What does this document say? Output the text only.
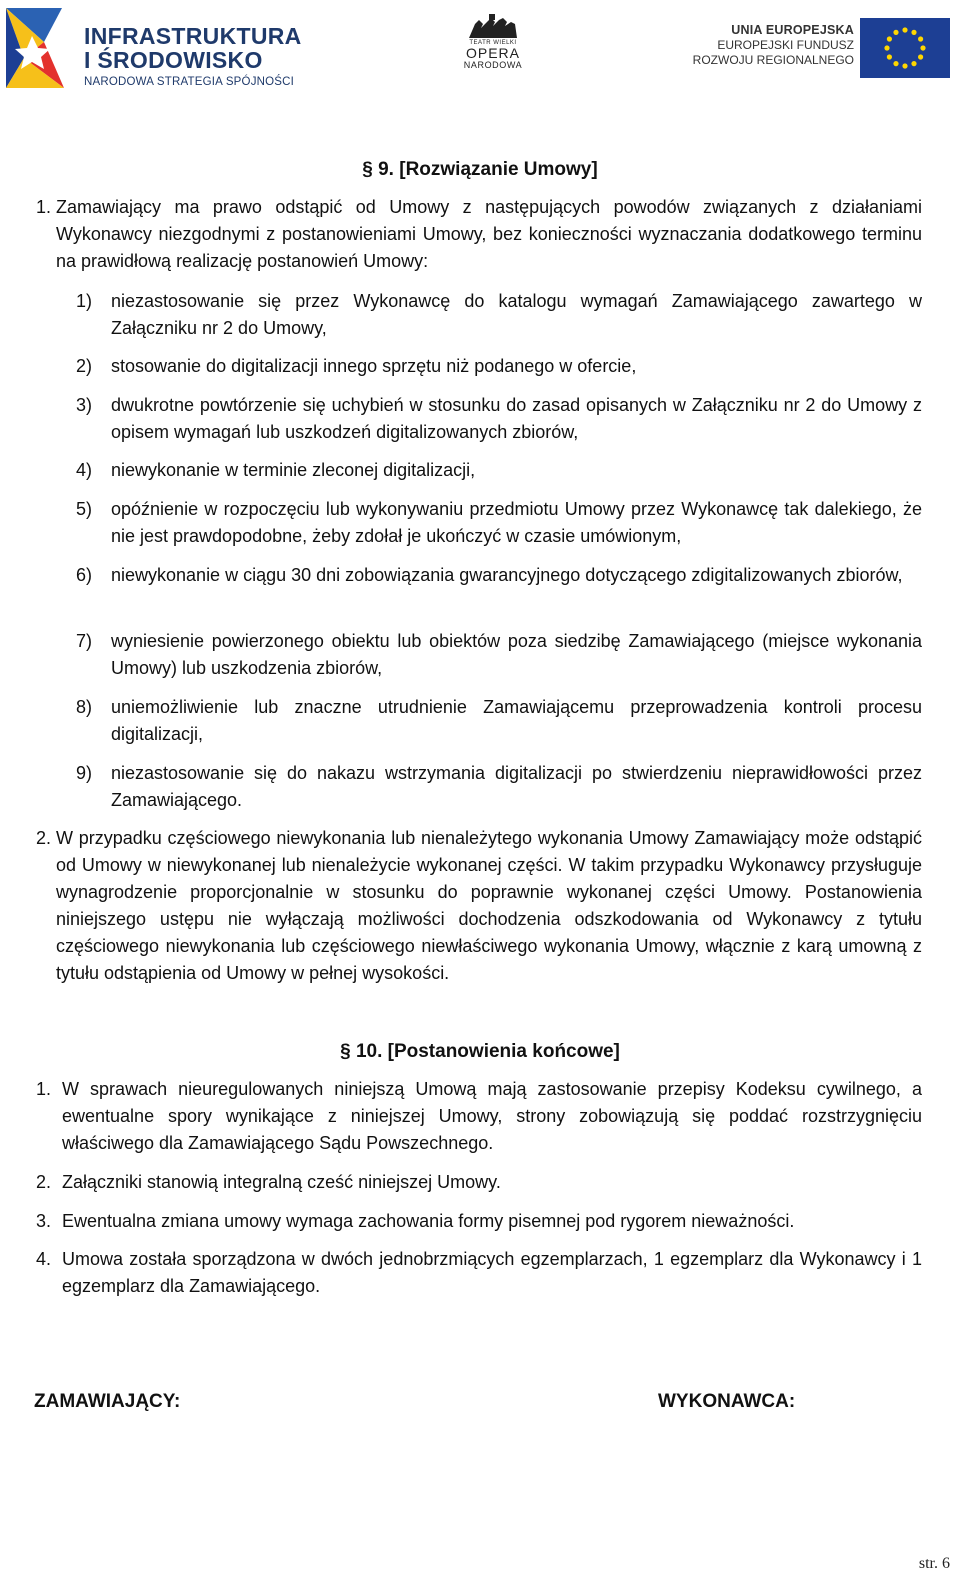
INFRASTRUKTURA
I ŚRODOWISKO
NARODOWA STRATEGIA SPÓJNOŚCI
TEATR WIELKI
OPERA
NARODOWA
UNIA EUROPEJSKA
EUROPEJSKI FUNDUSZ
ROZWOJU REGIONALNEGO
§ 9. [Rozwiązanie Umowy]
1. Zamawiający ma prawo odstąpić od Umowy z następujących powodów związanych z działaniami Wykonawcy niezgodnymi z postanowieniami Umowy, bez konieczności wyznaczania dodatkowego terminu na prawidłową realizację postanowień Umowy:
1) niezastosowanie się przez Wykonawcę do katalogu wymagań Zamawiającego zawartego w Załączniku nr 2 do Umowy,
2) stosowanie do digitalizacji innego sprzętu niż podanego w ofercie,
3) dwukrotne powtórzenie się uchybień w stosunku do zasad opisanych w Załączniku nr 2 do Umowy z opisem wymagań lub uszkodzeń digitalizowanych zbiorów,
4) niewykonanie w terminie zleconej digitalizacji,
5) opóźnienie w rozpoczęciu lub wykonywaniu przedmiotu Umowy przez Wykonawcę tak dalekiego, że nie jest prawdopodobne, żeby zdołał je ukończyć w czasie umówionym,
6) niewykonanie w ciągu 30 dni zobowiązania gwarancyjnego dotyczącego zdigitalizowanych zbiorów,
7) wyniesienie powierzonego obiektu lub obiektów poza siedzibę Zamawiającego (miejsce wykonania Umowy) lub uszkodzenia zbiorów,
8) uniemożliwienie lub znaczne utrudnienie Zamawiającemu przeprowadzenia kontroli procesu digitalizacji,
9) niezastosowanie się do nakazu wstrzymania digitalizacji po stwierdzeniu nieprawidłowości przez Zamawiającego.
2. W przypadku częściowego niewykonania lub nienależytego wykonania Umowy Zamawiający może odstąpić od Umowy w niewykonanej lub nienależycie wykonanej części. W takim przypadku Wykonawcy przysługuje wynagrodzenie proporcjonalnie w stosunku do poprawnie wykonanej części Umowy. Postanowienia niniejszego ustępu nie wyłączają możliwości dochodzenia odszkodowania od Wykonawcy z tytułu częściowego niewykonania lub częściowego niewłaściwego wykonania Umowy, włącznie z karą umowną z tytułu odstąpienia od Umowy w pełnej wysokości.
§ 10. [Postanowienia końcowe]
1. W sprawach nieuregulowanych niniejszą Umową mają zastosowanie przepisy Kodeksu cywilnego, a ewentualne spory wynikające z niniejszej Umowy, strony zobowiązują się poddać rozstrzygnięciu właściwego dla Zamawiającego Sądu Powszechnego.
2. Załączniki stanowią integralną cześć niniejszej Umowy.
3. Ewentualna zmiana umowy wymaga zachowania formy pisemnej pod rygorem nieważności.
4. Umowa została sporządzona w dwóch jednobrzmiących egzemplarzach, 1 egzemplarz dla Wykonawcy i 1 egzemplarz dla Zamawiającego.
ZAMAWIAJĄCY:	WYKONAWCA:
str. 6
